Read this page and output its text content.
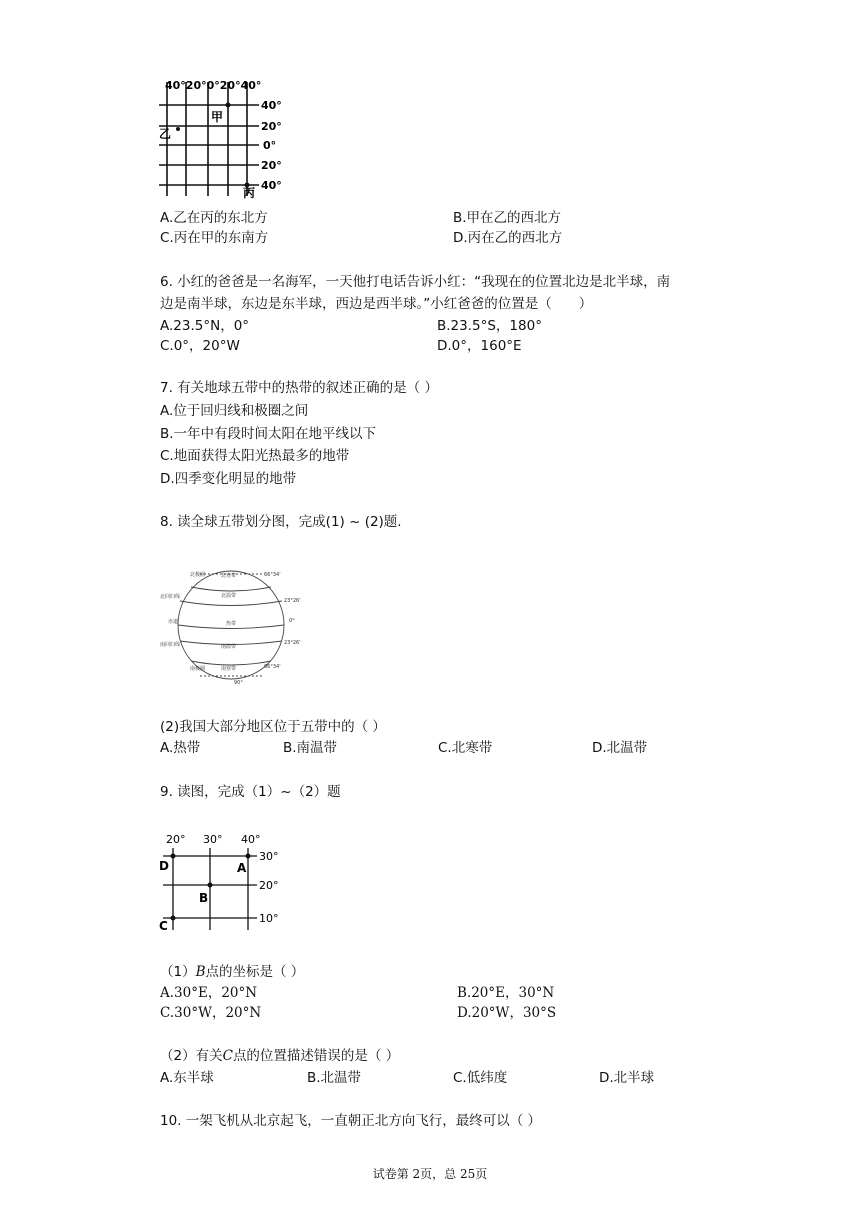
40°20°0°20°40°
40°
20°
0°
20°
40°
甲
乙
丙
A.乙在丙的东北方	B.甲在乙的西北方
C.丙在甲的东南方	D.丙在乙的西北方
6. 小红的爸爸是一名海军，一天他打电话告诉小红：“我现在的位置北边是北半球，南
边是南半球，东边是东半球，西边是西半球。”小红爸爸的位置是（　　）
A.23.5°N，0°	B.23.5°S，180°
C.0°，20°W	D.0°，160°E
7. 有关地球五带中的热带的叙述正确的是（ ）
A.位于回归线和极圈之间
B.一年中有段时间太阳在地平线以下
C.地面获得太阳光热最多的地带
D.四季变化明显的地带
8. 读全球五带划分图，完成(1) ~ (2)题.
北极圈
北回归线
赤道
南回归线
南极圈
北寒带
北温带
热带
南温带
南寒带
66°34'
23°26'
0°
23°26'
66°34'
90°
(2)我国大部分地区位于五带中的（ ）
A.热带	B.南温带	C.北寒带	D.北温带
9. 读图，完成（1）~（2）题
20° 30° 40°
30°
20°
10°
D	A
B
C
（1）B点的坐标是（ ）
A.30°E，20°N	B.20°E，30°N
C.30°W，20°N	D.20°W，30°S
（2）有关C点的位置描述错误的是（ ）
A.东半球	B.北温带	C.低纬度	D.北半球
10. 一架飞机从北京起飞，一直朝正北方向飞行，最终可以（ ）
试卷第 2页，总 25页
